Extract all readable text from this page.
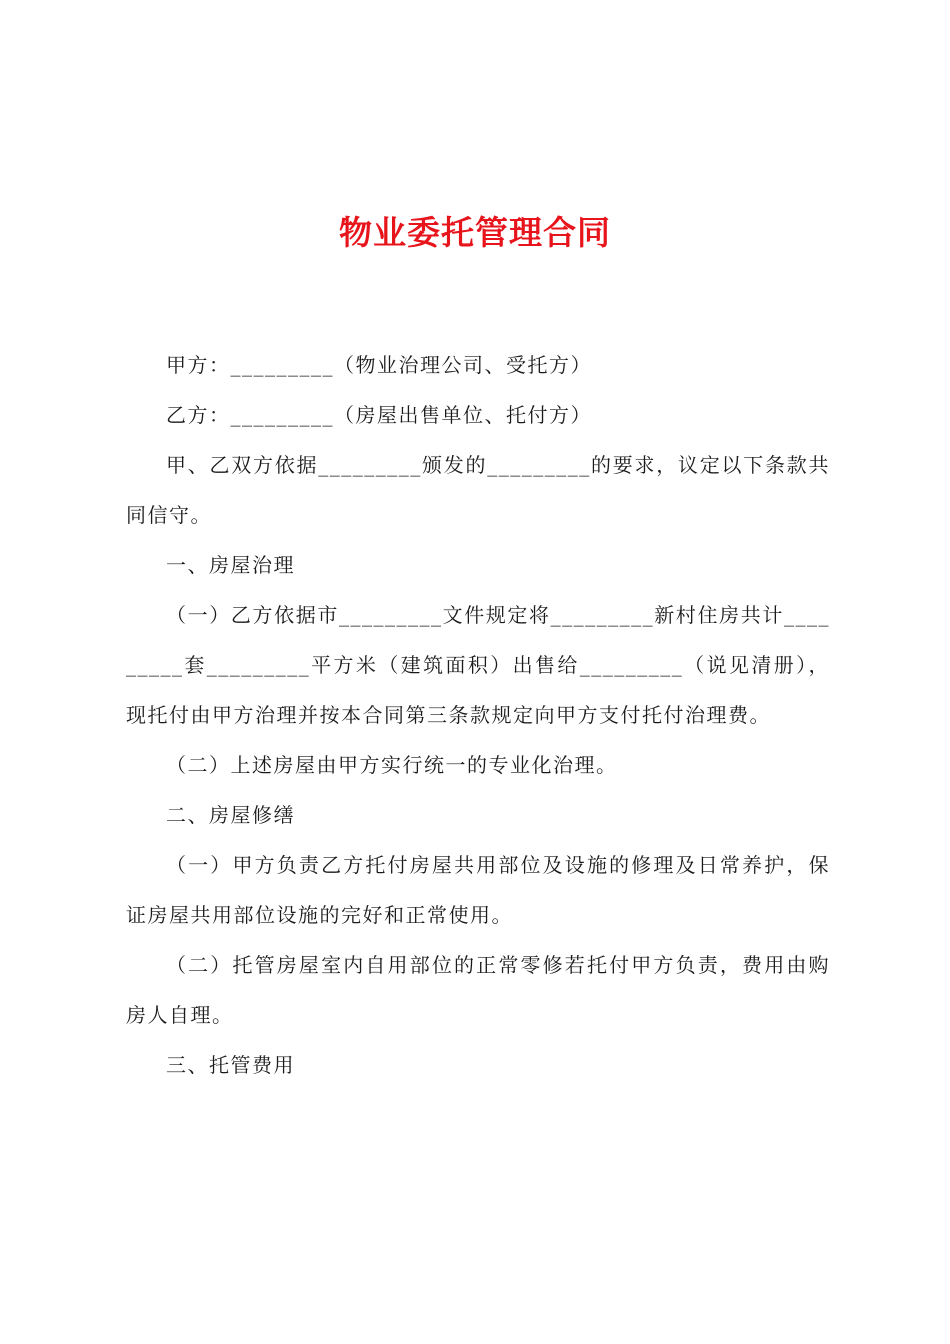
物业委托管理合同

甲方：_________（物业治理公司、受托方）

乙方：_________（房屋出售单位、托付方）

甲、乙双方依据_________颁发的_________的要求，议定以下条款共同信守。

一、房屋治理

（一）乙方依据市_________文件规定将_________新村住房共计_________套_________平方米（建筑面积）出售给_________（说见清册），现托付由甲方治理并按本合同第三条款规定向甲方支付托付治理费。

（二）上述房屋由甲方实行统一的专业化治理。

二、房屋修缮

（一）甲方负责乙方托付房屋共用部位及设施的修理及日常养护，保证房屋共用部位设施的完好和正常使用。

（二）托管房屋室内自用部位的正常零修若托付甲方负责，费用由购房人自理。

三、托管费用
